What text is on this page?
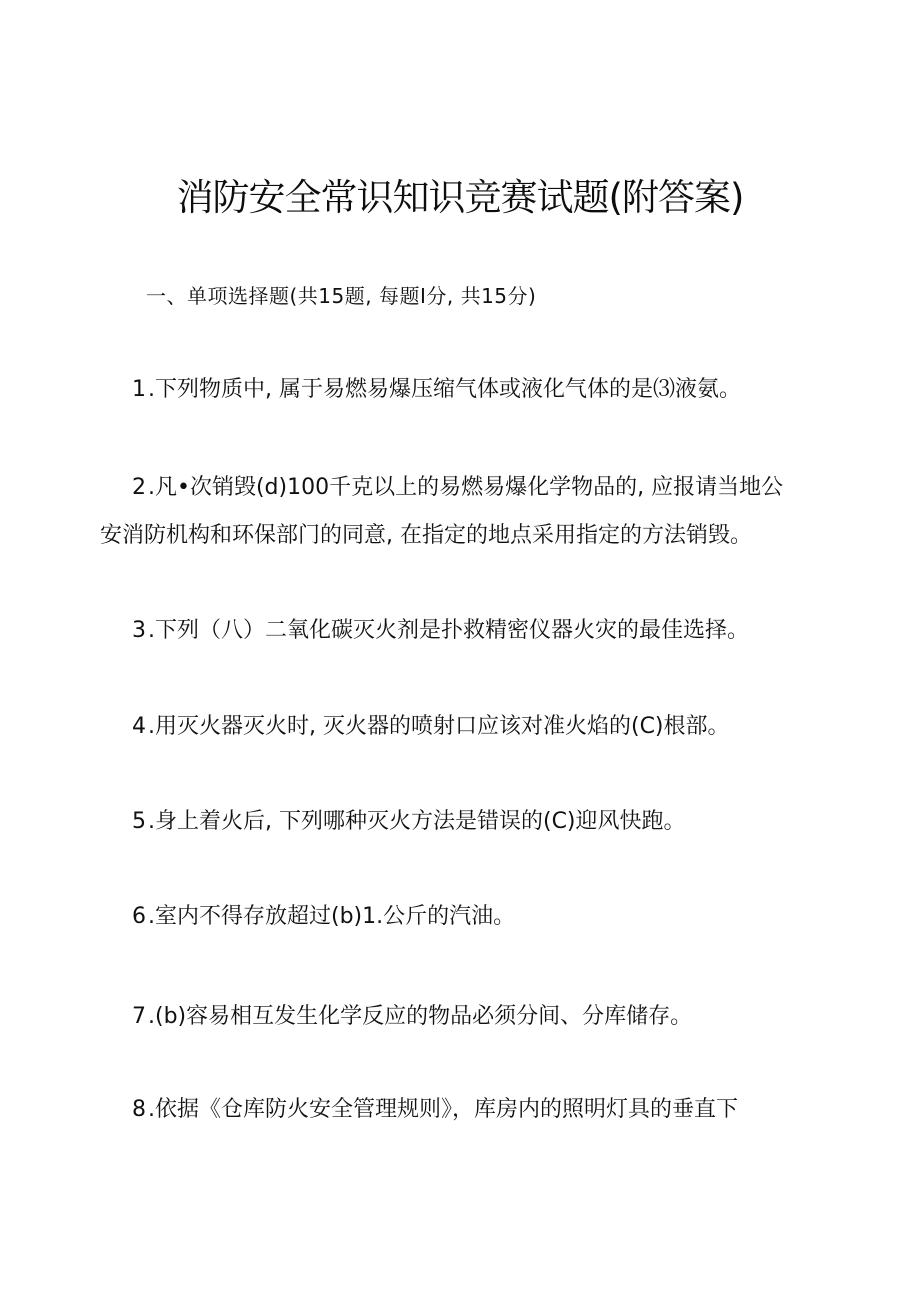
消防安全常识知识竞赛试题(附答案)
一、单项选择题(共15题, 每题I分, 共15分)
1.下列物质中, 属于易燃易爆压缩气体或液化气体的是⑶液氨。
2.凡•次销毁(d)100千克以上的易燃易爆化学物品的, 应报请当地公
安消防机构和环保部门的同意, 在指定的地点采用指定的方法销毁。
3.下列（八）二氧化碳灭火剂是扑救精密仪器火灾的最佳选择。
4.用灭火器灭火时, 灭火器的喷射口应该对准火焰的(C)根部。
5.身上着火后, 下列哪种灭火方法是错误的(C)迎风快跑。
6.室内不得存放超过(b)1.公斤的汽油。
7.(b)容易相互发生化学反应的物品必须分间、分库储存。
8.依据《仓库防火安全管理规则》，库房内的照明灯具的垂直下
